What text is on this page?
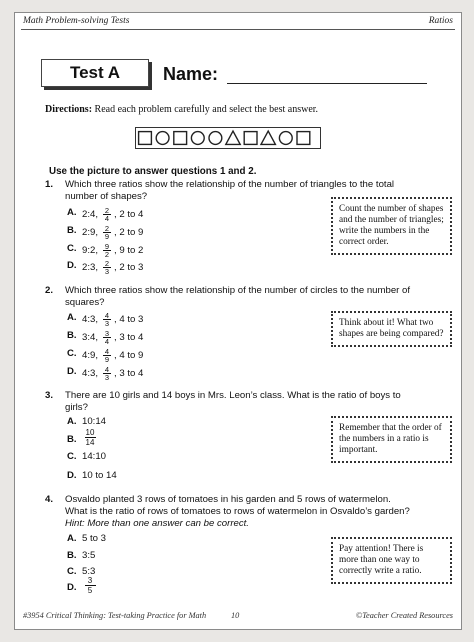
Math Problem-solving Tests	Ratios
Test A	Name:
Directions: Read each problem carefully and select the best answer.
Use the picture to answer questions 1 and 2.
1. Which three ratios show the relationship of the number of triangles to the total number of shapes?
A. 2:4, $\frac{2}{4}$ , 2 to 4
B. 2:9, $\frac{2}{9}$ , 2 to 9
C. 9:2, $\frac{9}{2}$ , 9 to 2
D. 2:3, $\frac{2}{3}$ , 2 to 3
Count the number of shapes and the number of triangles; write the numbers in the correct order.
2. Which three ratios show the relationship of the number of circles to the number of squares?
A. 4:3, $\frac{4}{3}$ , 4 to 3
B. 3:4, $\frac{3}{4}$ , 3 to 4
C. 4:9, $\frac{4}{9}$ , 4 to 9
D. 4:3, $\frac{4}{3}$ , 3 to 4
Think about it! What two shapes are being compared?
3. There are 10 girls and 14 boys in Mrs. Leon’s class. What is the ratio of boys to girls?
A. 10:14
B.
10
14
C. 14:10
D. 10 to 14
Remember that the order of the numbers in a ratio is important.
4. Osvaldo planted 3 rows of tomatoes in his garden and 5 rows of watermelon. What is the ratio of rows of tomatoes to rows of watermelon in Osvaldo’s garden? Hint: More than one answer can be correct.
A. 5 to 3
B. 3:5
C. 5:3
D.
3
5
Pay attention! There is more than one way to correctly write a ratio.
#3954 Critical Thinking: Test-taking Practice for Math	10	©Teacher Created Resources
